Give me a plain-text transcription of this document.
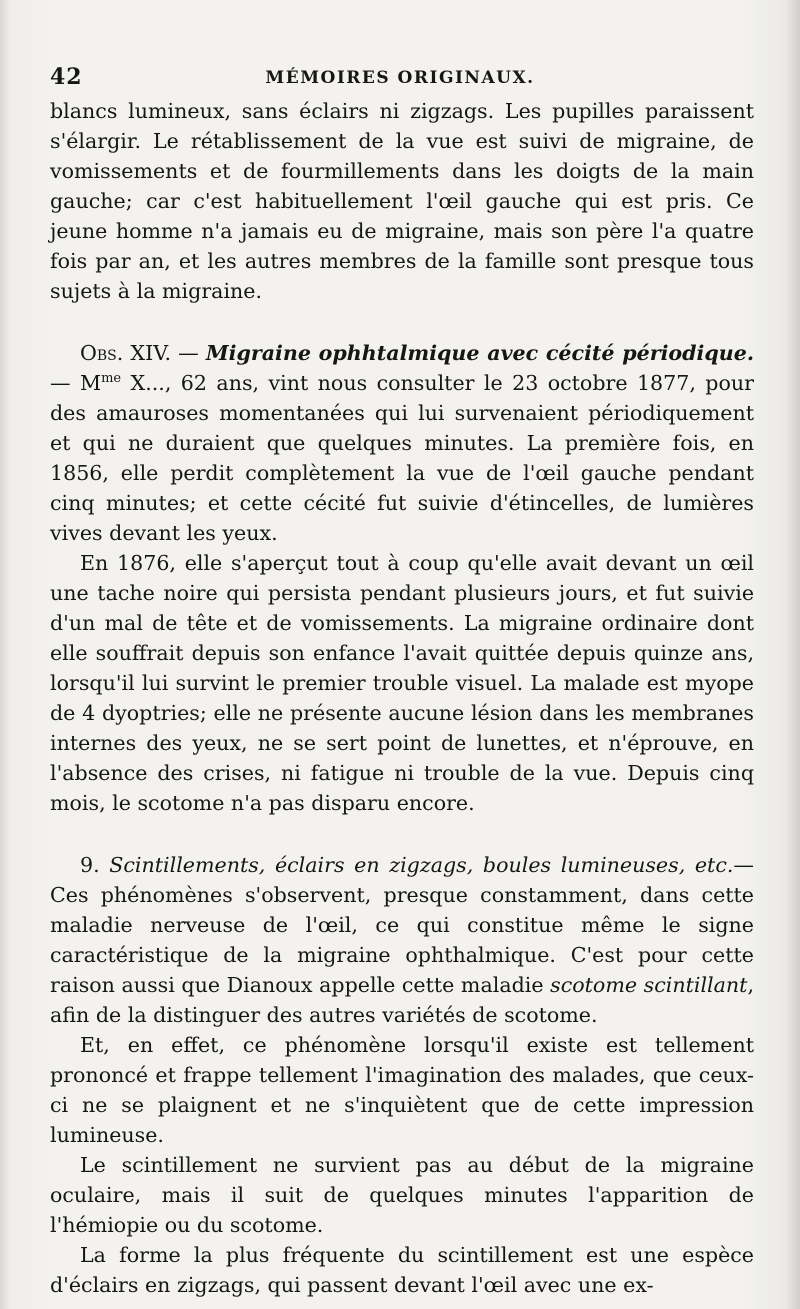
42	MÉMOIRES ORIGINAUX.

blancs lumineux, sans éclairs ni zigzags. Les pupilles paraissent s'élargir. Le rétablissement de la vue est suivi de migraine, de vomissements et de fourmillements dans les doigts de la main gauche; car c'est habituellement l'œil gauche qui est pris. Ce jeune homme n'a jamais eu de migraine, mais son père l'a quatre fois par an, et les autres membres de la famille sont presque tous sujets à la migraine.

Obs. XIV. — Migraine ophhtalmique avec cécité périodique.— $M^{me}$ X..., 62 ans, vint nous consulter le 23 octobre 1877, pour des amauroses momentanées qui lui survenaient périodiquement et qui ne duraient que quelques minutes. La première fois, en 1856, elle perdit complètement la vue de l'œil gauche pendant cinq minutes; et cette cécité fut suivie d'étincelles, de lumières vives devant les yeux.

En 1876, elle s'aperçut tout à coup qu'elle avait devant un œil une tache noire qui persista pendant plusieurs jours, et fut suivie d'un mal de tête et de vomissements. La migraine ordinaire dont elle souffrait depuis son enfance l'avait quittée depuis quinze ans, lorsqu'il lui survint le premier trouble visuel. La malade est myope de 4 dyoptries; elle ne présente aucune lésion dans les membranes internes des yeux, ne se sert point de lunettes, et n'éprouve, en l'absence des crises, ni fatigue ni trouble de la vue. Depuis cinq mois, le scotome n'a pas disparu encore.

9. Scintillements, éclairs en zigzags, boules lumineuses, etc.— Ces phénomènes s'observent, presque constamment, dans cette maladie nerveuse de l'œil, ce qui constitue même le signe caractéristique de la migraine ophthalmique. C'est pour cette raison aussi que Dianoux appelle cette maladie scotome scintillant, afin de la distinguer des autres variétés de scotome.

Et, en effet, ce phénomène lorsqu'il existe est tellement prononcé et frappe tellement l'imagination des malades, que ceux-ci ne se plaignent et ne s'inquiètent que de cette impression lumineuse.

Le scintillement ne survient pas au début de la migraine oculaire, mais il suit de quelques minutes l'apparition de l'hémiopie ou du scotome.

La forme la plus fréquente du scintillement est une espèce d'éclairs en zigzags, qui passent devant l'œil avec une ex-
